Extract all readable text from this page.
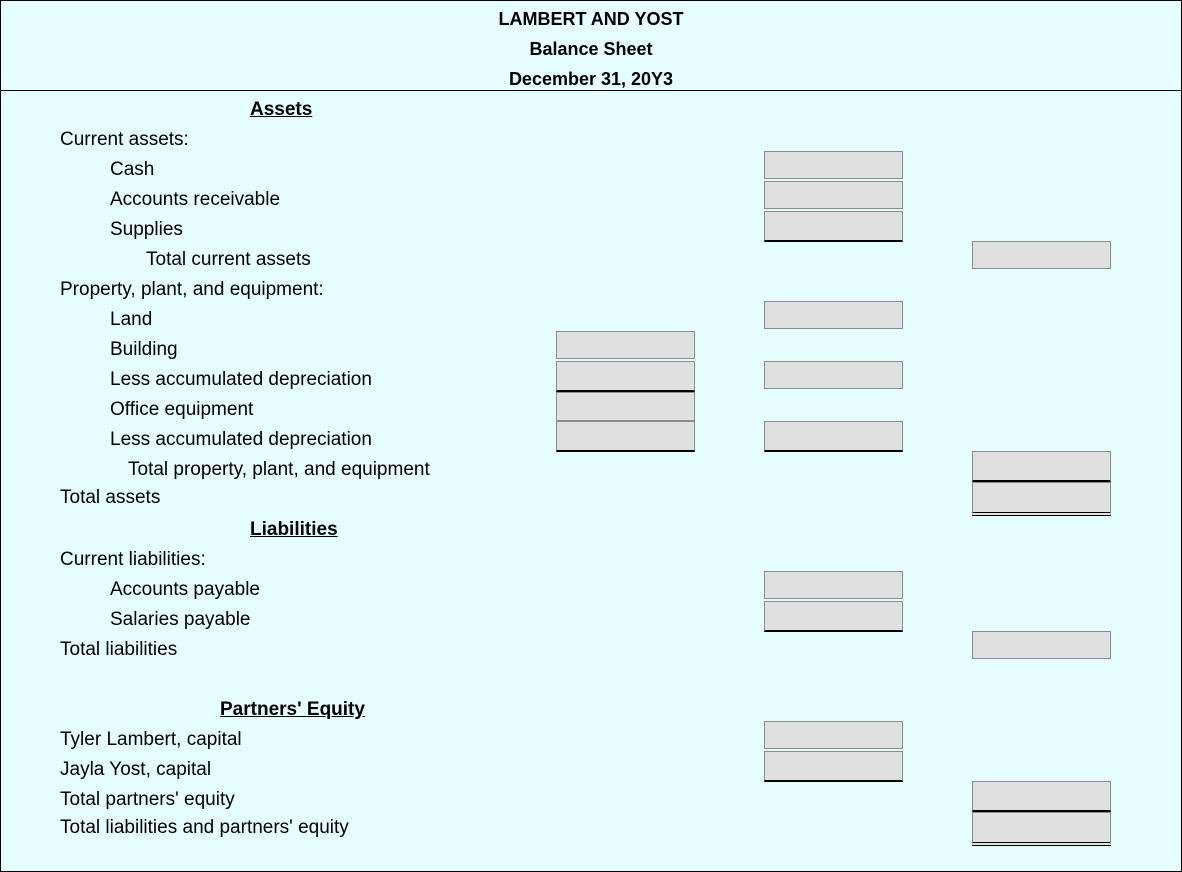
LAMBERT AND YOST
Balance Sheet
December 31, 20Y3
Assets
Current assets:
Cash
Accounts receivable
Supplies
Total current assets
Property, plant, and equipment:
Land
Building
Less accumulated depreciation
Office equipment
Less accumulated depreciation
Total property, plant, and equipment
Total assets
Liabilities
Current liabilities:
Accounts payable
Salaries payable
Total liabilities
Partners' Equity
Tyler Lambert, capital
Jayla Yost, capital
Total partners' equity
Total liabilities and partners' equity
